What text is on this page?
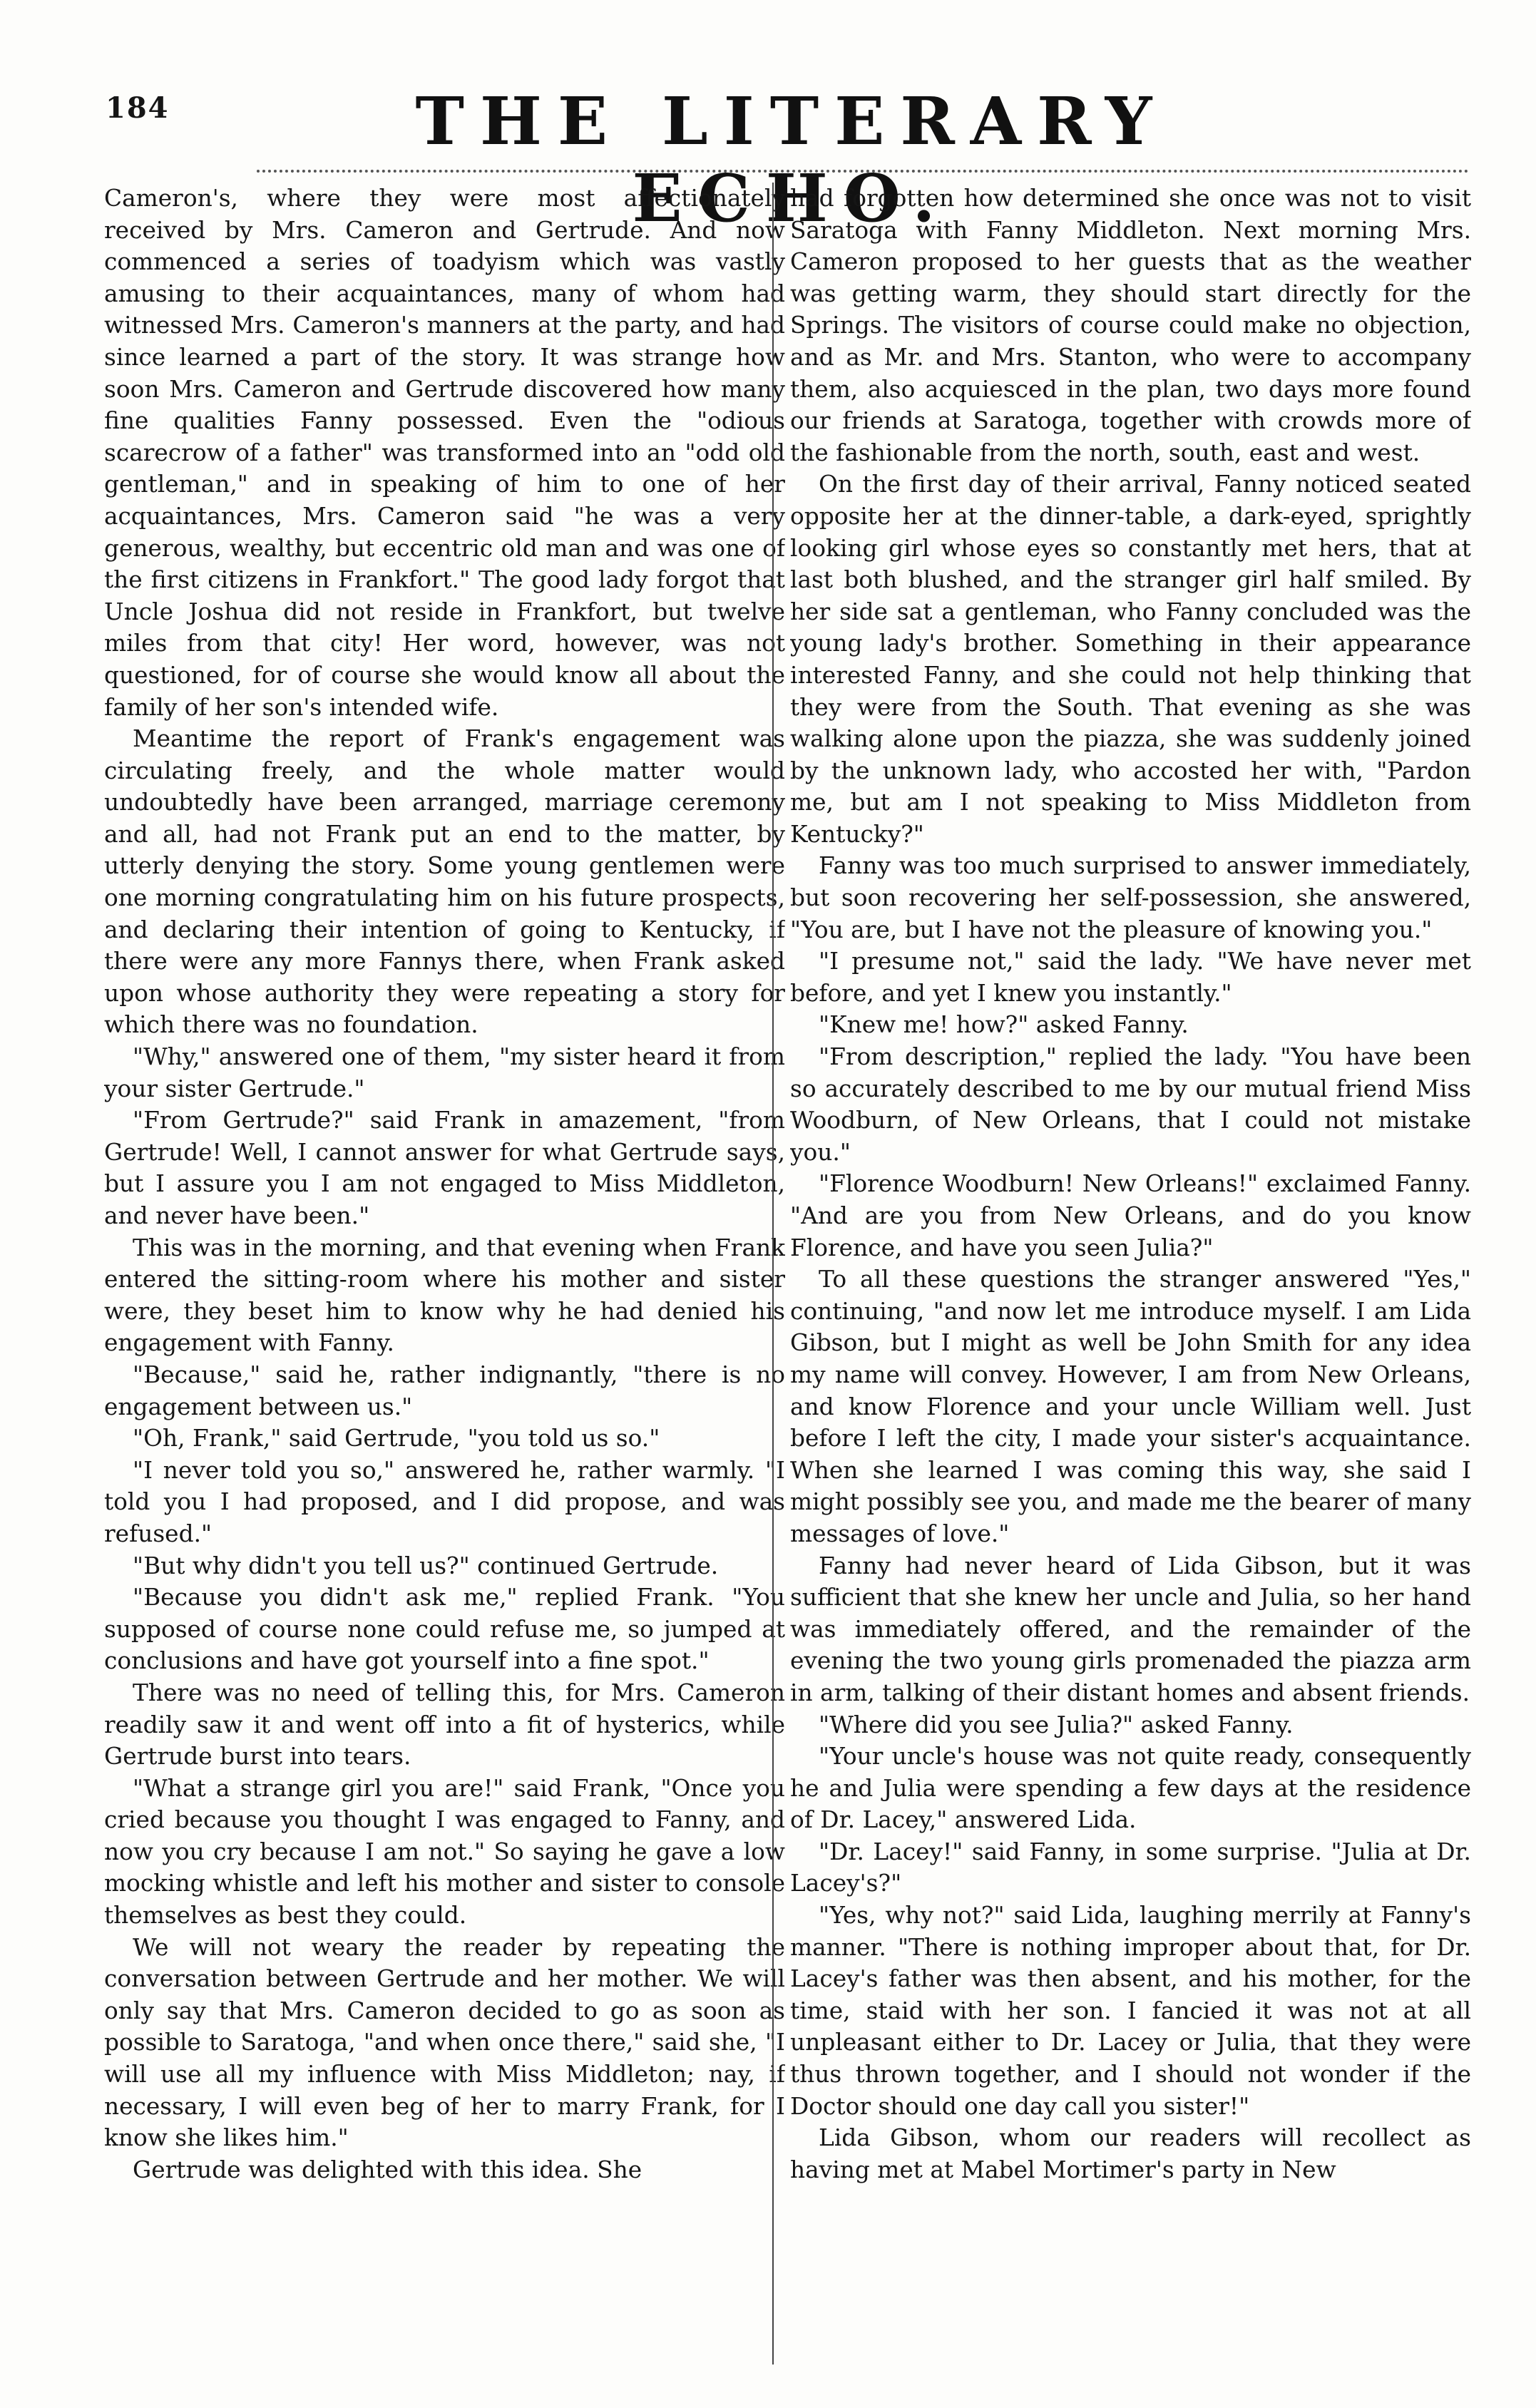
184	THE LITERARY ECHO.

Cameron's, where they were most affectionately received by Mrs. Cameron and Gertrude. And now commenced a series of toadyism which was vastly amusing to their acquaintances, many of whom had witnessed Mrs. Cameron's manners at the party, and had since learned a part of the story. It was strange how soon Mrs. Cameron and Gertrude discovered how many fine qualities Fanny possessed. Even the "odious scarecrow of a father" was transformed into an "odd old gentleman," and in speaking of him to one of her acquaintances, Mrs. Cameron said "he was a very generous, wealthy, but eccentric old man and was one of the first citizens in Frankfort." The good lady forgot that Uncle Joshua did not reside in Frankfort, but twelve miles from that city! Her word, however, was not questioned, for of course she would know all about the family of her son's intended wife.

Meantime the report of Frank's engagement was circulating freely, and the whole matter would undoubtedly have been arranged, marriage ceremony and all, had not Frank put an end to the matter, by utterly denying the story. Some young gentlemen were one morning congratulating him on his future prospects, and declaring their intention of going to Kentucky, if there were any more Fannys there, when Frank asked upon whose authority they were repeating a story for which there was no foundation.

"Why," answered one of them, "my sister heard it from your sister Gertrude."

"From Gertrude?" said Frank in amazement, "from Gertrude! Well, I cannot answer for what Gertrude says, but I assure you I am not engaged to Miss Middleton, and never have been."

This was in the morning, and that evening when Frank entered the sitting-room where his mother and sister were, they beset him to know why he had denied his engagement with Fanny.

"Because," said he, rather indignantly, "there is no engagement between us."

"Oh, Frank," said Gertrude, "you told us so."

"I never told you so," answered he, rather warmly. "I told you I had proposed, and I did propose, and was refused."

"But why didn't you tell us?" continued Gertrude.

"Because you didn't ask me," replied Frank. "You supposed of course none could refuse me, so jumped at conclusions and have got yourself into a fine spot."

There was no need of telling this, for Mrs. Cameron readily saw it and went off into a fit of hysterics, while Gertrude burst into tears.

"What a strange girl you are!" said Frank, "Once you cried because you thought I was engaged to Fanny, and now you cry because I am not." So saying he gave a low mocking whistle and left his mother and sister to console themselves as best they could.

We will not weary the reader by repeating the conversation between Gertrude and her mother. We will only say that Mrs. Cameron decided to go as soon as possible to Saratoga, "and when once there," said she, "I will use all my influence with Miss Middleton; nay, if necessary, I will even beg of her to marry Frank, for I know she likes him."

Gertrude was delighted with this idea. She

had forgotten how determined she once was not to visit Saratoga with Fanny Middleton. Next morning Mrs. Cameron proposed to her guests that as the weather was getting warm, they should start directly for the Springs. The visitors of course could make no objection, and as Mr. and Mrs. Stanton, who were to accompany them, also acquiesced in the plan, two days more found our friends at Saratoga, together with crowds more of the fashionable from the north, south, east and west.

On the first day of their arrival, Fanny noticed seated opposite her at the dinner-table, a dark-eyed, sprightly looking girl whose eyes so constantly met hers, that at last both blushed, and the stranger girl half smiled. By her side sat a gentleman, who Fanny concluded was the young lady's brother. Something in their appearance interested Fanny, and she could not help thinking that they were from the South. That evening as she was walking alone upon the piazza, she was suddenly joined by the unknown lady, who accosted her with, "Pardon me, but am I not speaking to Miss Middleton from Kentucky?"

Fanny was too much surprised to answer immediately, but soon recovering her self-possession, she answered, "You are, but I have not the pleasure of knowing you."

"I presume not," said the lady. "We have never met before, and yet I knew you instantly."

"Knew me! how?" asked Fanny.

"From description," replied the lady. "You have been so accurately described to me by our mutual friend Miss Woodburn, of New Orleans, that I could not mistake you."

"Florence Woodburn! New Orleans!" exclaimed Fanny. "And are you from New Orleans, and do you know Florence, and have you seen Julia?"

To all these questions the stranger answered "Yes," continuing, "and now let me introduce myself. I am Lida Gibson, but I might as well be John Smith for any idea my name will convey. However, I am from New Orleans, and know Florence and your uncle William well. Just before I left the city, I made your sister's acquaintance. When she learned I was coming this way, she said I might possibly see you, and made me the bearer of many messages of love."

Fanny had never heard of Lida Gibson, but it was sufficient that she knew her uncle and Julia, so her hand was immediately offered, and the remainder of the evening the two young girls promenaded the piazza arm in arm, talking of their distant homes and absent friends.

"Where did you see Julia?" asked Fanny.

"Your uncle's house was not quite ready, consequently he and Julia were spending a few days at the residence of Dr. Lacey," answered Lida.

"Dr. Lacey!" said Fanny, in some surprise. "Julia at Dr. Lacey's?"

"Yes, why not?" said Lida, laughing merrily at Fanny's manner. "There is nothing improper about that, for Dr. Lacey's father was then absent, and his mother, for the time, staid with her son. I fancied it was not at all unpleasant either to Dr. Lacey or Julia, that they were thus thrown together, and I should not wonder if the Doctor should one day call you sister!"

Lida Gibson, whom our readers will recollect as having met at Mabel Mortimer's party in New
